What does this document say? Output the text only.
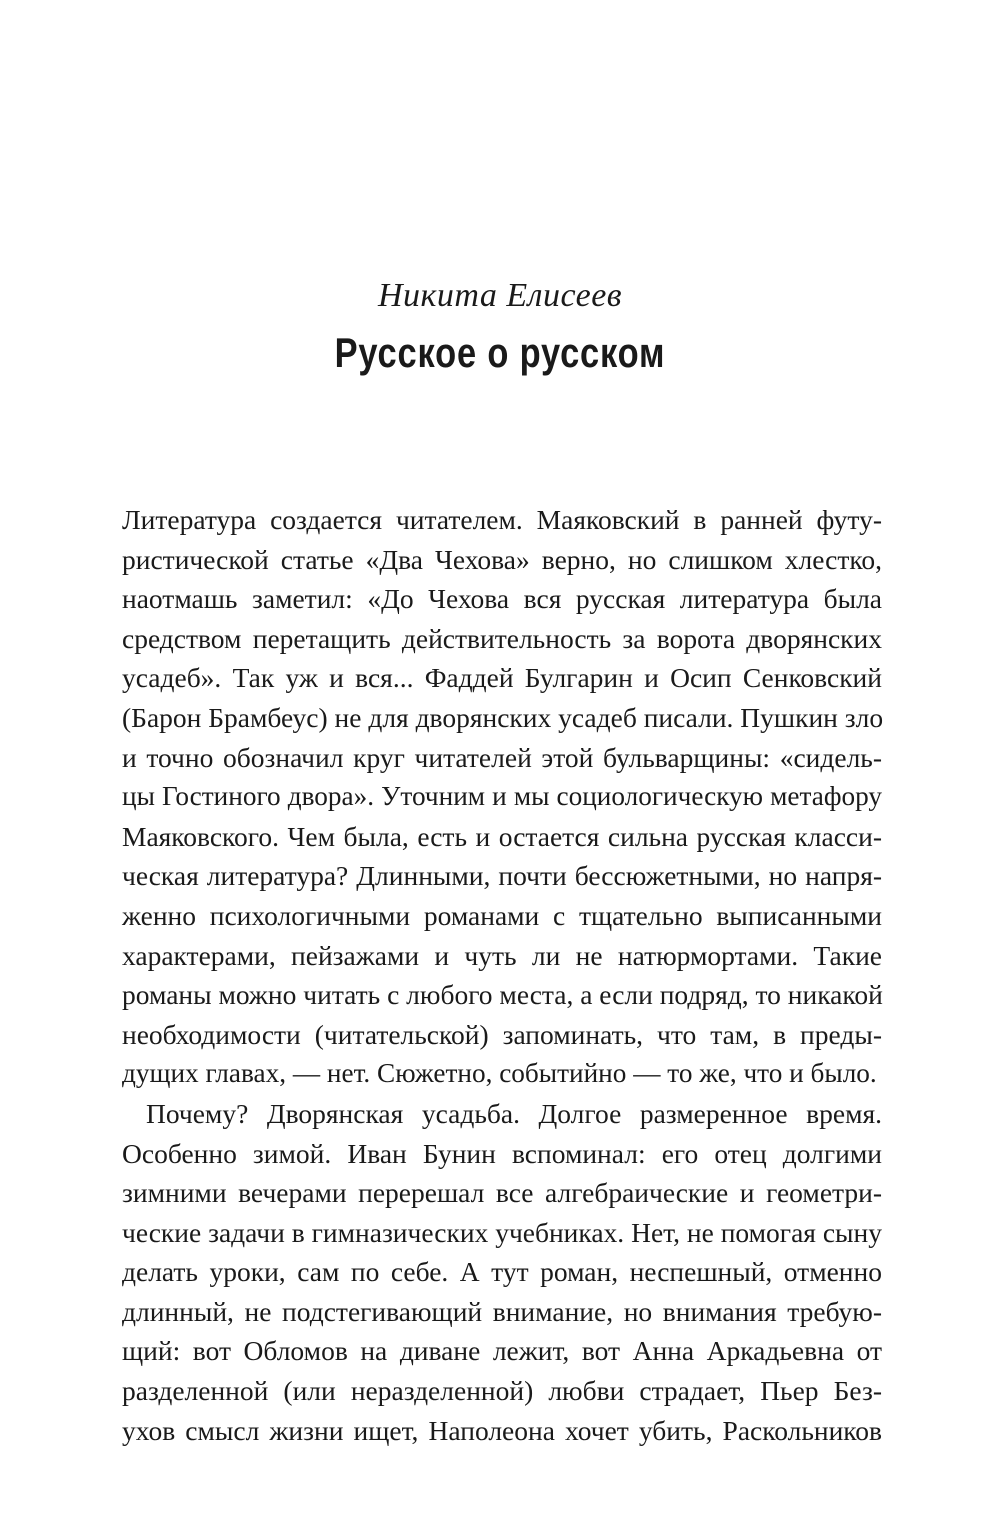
Никита Елисеев
Русское о русском
Литература создается читателем. Маяковский в ранней футу-
ристической статье «Два Чехова» верно, но слишком хлестко,
наотмашь заметил: «До Чехова вся русская литература была
средством перетащить действительность за ворота дворянских
усадеб». Так уж и вся... Фаддей Булгарин и Осип Сенковский
(Барон Брамбеус) не для дворянских усадеб писали. Пушкин зло
и точно обозначил круг читателей этой бульварщины: «сидель-
цы Гостиного двора». Уточним и мы социологическую метафору
Маяковского. Чем была, есть и остается сильна русская класси-
ческая литература? Длинными, почти бессюжетными, но напря-
женно психологичными романами с тщательно выписанными
характерами, пейзажами и чуть ли не натюрмортами. Такие
романы можно читать с любого места, а если подряд, то никакой
необходимости (читательской) запоминать, что там, в преды-
дущих главах, — нет. Сюжетно, событийно — то же, что и было.
Почему? Дворянская усадьба. Долгое размеренное время.
Особенно зимой. Иван Бунин вспоминал: его отец долгими
зимними вечерами перерешал все алгебраические и геометри-
ческие задачи в гимназических учебниках. Нет, не помогая сыну
делать уроки, сам по себе. А тут роман, неспешный, отменно
длинный, не подстегивающий внимание, но внимания требую-
щий: вот Обломов на диване лежит, вот Анна Аркадьевна от
разделенной (или неразделенной) любви страдает, Пьер Без-
ухов смысл жизни ищет, Наполеона хочет убить, Раскольников
